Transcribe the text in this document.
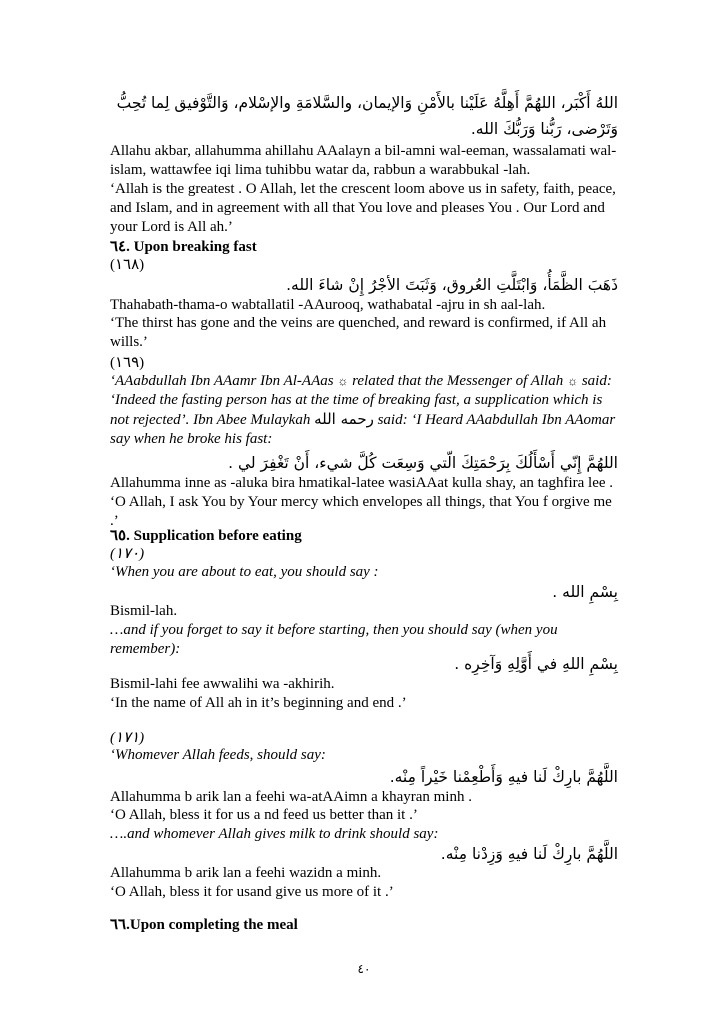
اللهُ أَكْبَر، اللهُمَّ أَهِلَّهُ عَلَيْنا بالأَمْنِ وَالإيمان، والسَّلامَةِ والإسْلام، وَالتَّوْفيق لِما تُحِبُّ وَتَرْضى، رَبُّنا وَرَبُّكَ الله.
Allahu akbar, allahumma ahillahu AAalayn a bil-amni wal-eeman, wassalamati wal-islam, wattawfee iqi lima tuhibbu watar da, rabbun a warabbukal -lah.
‘Allah is the greatest . O Allah, let the crescent loom above us in safety, faith, peace, and Islam, and in agreement with all that You love and pleases You . Our Lord and your Lord is All ah.’
٦٤. Upon breaking fast
(١٦٨)
ذَهَبَ الظَّمَأُ، وَابْتَلَّتِ العُروق، وَثَبَتَ الأجْرُ إِنْ شاءَ الله.
Thahabath-thama-o wabtallatil -AAurooq, wathabatal -ajru in sh aal-lah.
‘The thirst has gone and the veins are quenched, and reward is confirmed, if All ah wills.’
(١٦٩)
‘AAabdullah Ibn AAamr Ibn Al-AAas ☼ related that the Messenger of Allah ☼ said: ‘Indeed the fasting person has at the time of breaking fast, a supplication which is not rejected’. Ibn Abee Mulaykah رحمه الله said: ‘I Heard AAabdullah Ibn AAomar say when he broke his fast:
اللهُمَّ إِنّي أَسْأَلُكَ بِرَحْمَتِكَ الّتي وَسِعَت كُلَّ شيء، أَنْ تَغْفِرَ لي .
Allahumma inne as -aluka bira hmatikal-latee wasiAAat kulla shay, an taghfira lee .
‘O Allah, I ask You by Your mercy which envelopes all things, that You f orgive me .’
٦٥. Supplication before eating
(١٧٠)
‘When you are about to eat, you should say :
بِسْمِ الله .
Bismil-lah.
…and if you forget to say it before starting, then you should say (when you remember):
بِسْمِ اللهِ في أَوَّلِهِ وَآخِرِه .
Bismil-lahi fee awwalihi wa -akhirih.
‘In the name of All ah in it’s beginning and end .’
(١٧١)
‘Whomever Allah feeds, should say:
اللَّهُمَّ بارِكْ لَنا فيهِ وَأَطْعِمْنا خَيْراً مِنْه.
Allahumma b arik lan a feehi wa-atAAimn a khayran minh .
‘O Allah, bless it for us a nd feed us better than it .’
….and whomever Allah gives milk to drink should say:
اللَّهُمَّ بارِكْ لَنا فيهِ وَزِدْنا مِنْه.
Allahumma b arik lan a feehi wazidn a minh.
‘O Allah, bless it for usand give us more of it .’
٦٦.Upon completing the meal
٤٠
